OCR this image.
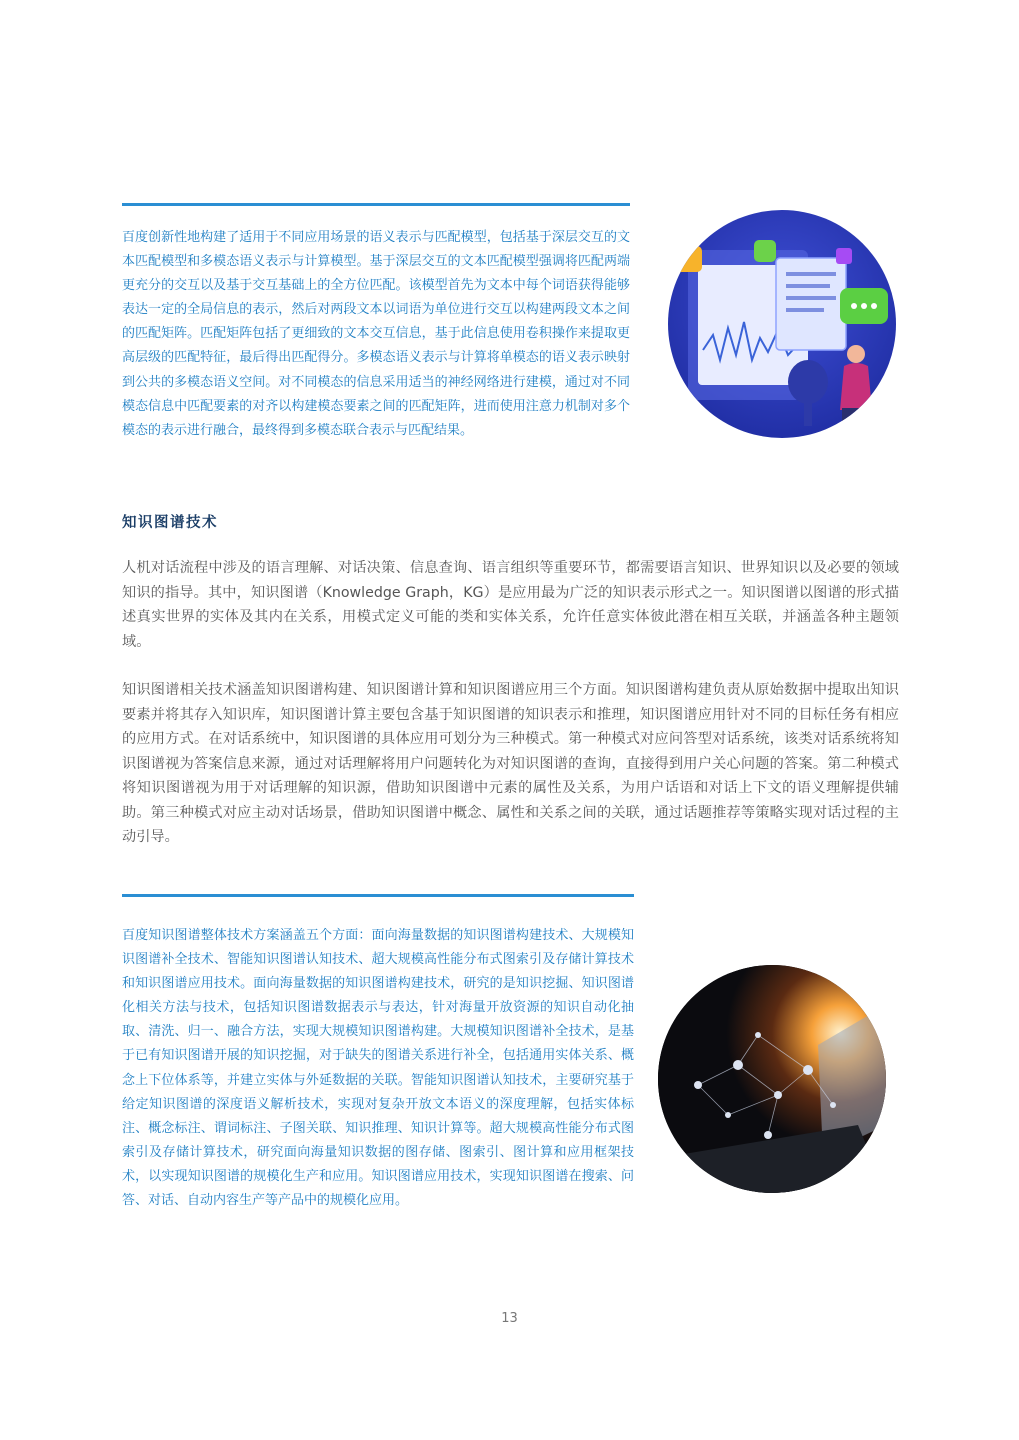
百度创新性地构建了适用于不同应用场景的语义表示与匹配模型，包括基于深层交互的文本匹配模型和多模态语义表示与计算模型。基于深层交互的文本匹配模型强调将匹配两端更充分的交互以及基于交互基础上的全方位匹配。该模型首先为文本中每个词语获得能够表达一定的全局信息的表示，然后对两段文本以词语为单位进行交互以构建两段文本之间的匹配矩阵。匹配矩阵包括了更细致的文本交互信息，基于此信息使用卷积操作来提取更高层级的匹配特征，最后得出匹配得分。多模态语义表示与计算将单模态的语义表示映射到公共的多模态语义空间。对不同模态的信息采用适当的神经网络进行建模，通过对不同模态信息中匹配要素的对齐以构建模态要素之间的匹配矩阵，进而使用注意力机制对多个模态的表示进行融合，最终得到多模态联合表示与匹配结果。

知识图谱技术

人机对话流程中涉及的语言理解、对话决策、信息查询、语言组织等重要环节，都需要语言知识、世界知识以及必要的领域知识的指导。其中，知识图谱（Knowledge Graph，KG）是应用最为广泛的知识表示形式之一。知识图谱以图谱的形式描述真实世界的实体及其内在关系，用模式定义可能的类和实体关系，允许任意实体彼此潜在相互关联，并涵盖各种主题领域。

知识图谱相关技术涵盖知识图谱构建、知识图谱计算和知识图谱应用三个方面。知识图谱构建负责从原始数据中提取出知识要素并将其存入知识库，知识图谱计算主要包含基于知识图谱的知识表示和推理，知识图谱应用针对不同的目标任务有相应的应用方式。在对话系统中，知识图谱的具体应用可划分为三种模式。第一种模式对应问答型对话系统，该类对话系统将知识图谱视为答案信息来源，通过对话理解将用户问题转化为对知识图谱的查询，直接得到用户关心问题的答案。第二种模式将知识图谱视为用于对话理解的知识源，借助知识图谱中元素的属性及关系，为用户话语和对话上下文的语义理解提供辅助。第三种模式对应主动对话场景，借助知识图谱中概念、属性和关系之间的关联，通过话题推荐等策略实现对话过程的主动引导。

百度知识图谱整体技术方案涵盖五个方面：面向海量数据的知识图谱构建技术、大规模知识图谱补全技术、智能知识图谱认知技术、超大规模高性能分布式图索引及存储计算技术和知识图谱应用技术。面向海量数据的知识图谱构建技术，研究的是知识挖掘、知识图谱化相关方法与技术，包括知识图谱数据表示与表达，针对海量开放资源的知识自动化抽取、清洗、归一、融合方法，实现大规模知识图谱构建。大规模知识图谱补全技术，是基于已有知识图谱开展的知识挖掘，对于缺失的图谱关系进行补全，包括通用实体关系、概念上下位体系等，并建立实体与外延数据的关联。智能知识图谱认知技术，主要研究基于给定知识图谱的深度语义解析技术，实现对复杂开放文本语义的深度理解，包括实体标注、概念标注、谓词标注、子图关联、知识推理、知识计算等。超大规模高性能分布式图索引及存储计算技术，研究面向海量知识数据的图存储、图索引、图计算和应用框架技术，以实现知识图谱的规模化生产和应用。知识图谱应用技术，实现知识图谱在搜索、问答、对话、自动内容生产等产品中的规模化应用。

13
